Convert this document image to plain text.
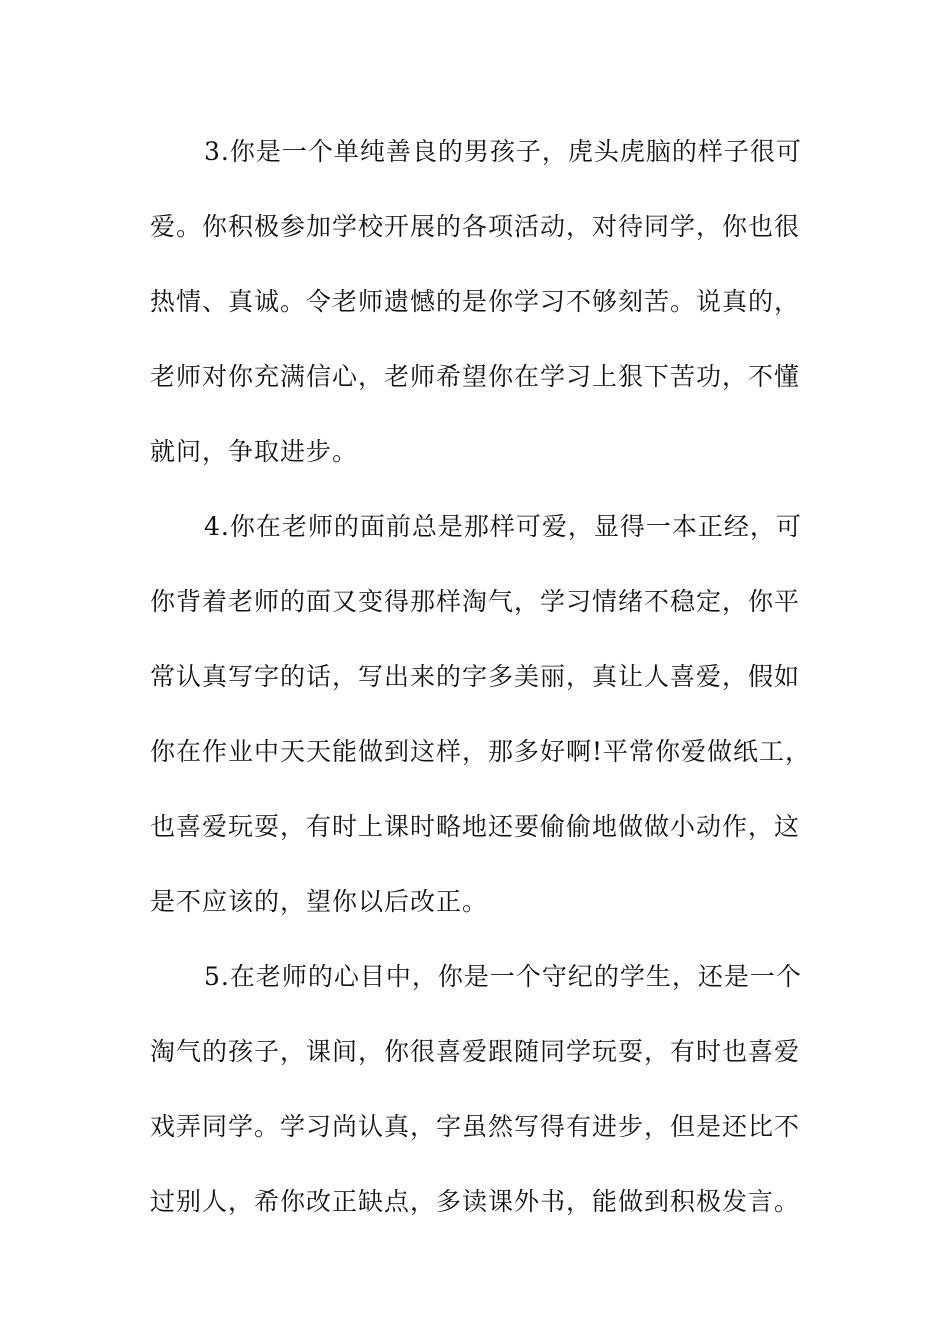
3.你是一个单纯善良的男孩子，虎头虎脑的样子很可
爱。你积极参加学校开展的各项活动，对待同学，你也很
热情、真诚。令老师遗憾的是你学习不够刻苦。说真的，
老师对你充满信心，老师希望你在学习上狠下苦功，不懂
就问，争取进步。

4.你在老师的面前总是那样可爱，显得一本正经，可
你背着老师的面又变得那样淘气，学习情绪不稳定，你平
常认真写字的话，写出来的字多美丽，真让人喜爱，假如
你在作业中天天能做到这样，那多好啊!平常你爱做纸工，
也喜爱玩耍，有时上课时略地还要偷偷地做做小动作，这
是不应该的，望你以后改正。

5.在老师的心目中，你是一个守纪的学生，还是一个
淘气的孩子，课间，你很喜爱跟随同学玩耍，有时也喜爱
戏弄同学。学习尚认真，字虽然写得有进步，但是还比不
过别人，希你改正缺点，多读课外书，能做到积极发言。
